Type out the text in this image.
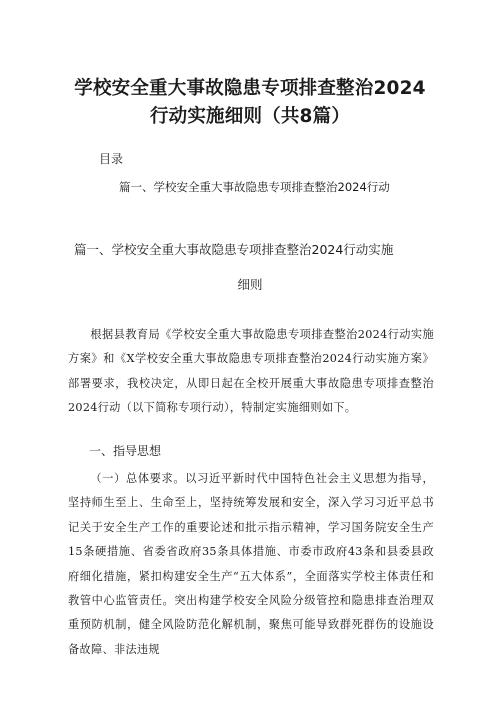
学校安全重大事故隐患专项排查整治2024
行动实施细则（共8篇）
目录
篇一、学校安全重大事故隐患专项排查整治2024行动
篇一、学校安全重大事故隐患专项排查整治2024行动实施
细则

根据县教育局《学校安全重大事故隐患专项排查整治2024行动实施方案》和《X学校安全重大事故隐患专项排查整治2024行动实施方案》部署要求，我校决定，从即日起在全校开展重大事故隐患专项排查整治2024行动（以下简称专项行动），特制定实施细则如下。

一、指导思想

（一）总体要求。以习近平新时代中国特色社会主义思想为指导，坚持师生至上、生命至上，坚持统筹发展和安全，深入学习习近平总书记关于安全生产工作的重要论述和批示指示精神，学习国务院安全生产15条硬措施、省委省政府35条具体措施、市委市政府43条和县委县政府细化措施，紧扣构建安全生产“五大体系”，全面落实学校主体责任和教管中心监管责任。突出构建学校安全风险分级管控和隐患排查治理双重预防机制，健全风险防范化解机制，聚焦可能导致群死群伤的设施设备故障、非法违规
